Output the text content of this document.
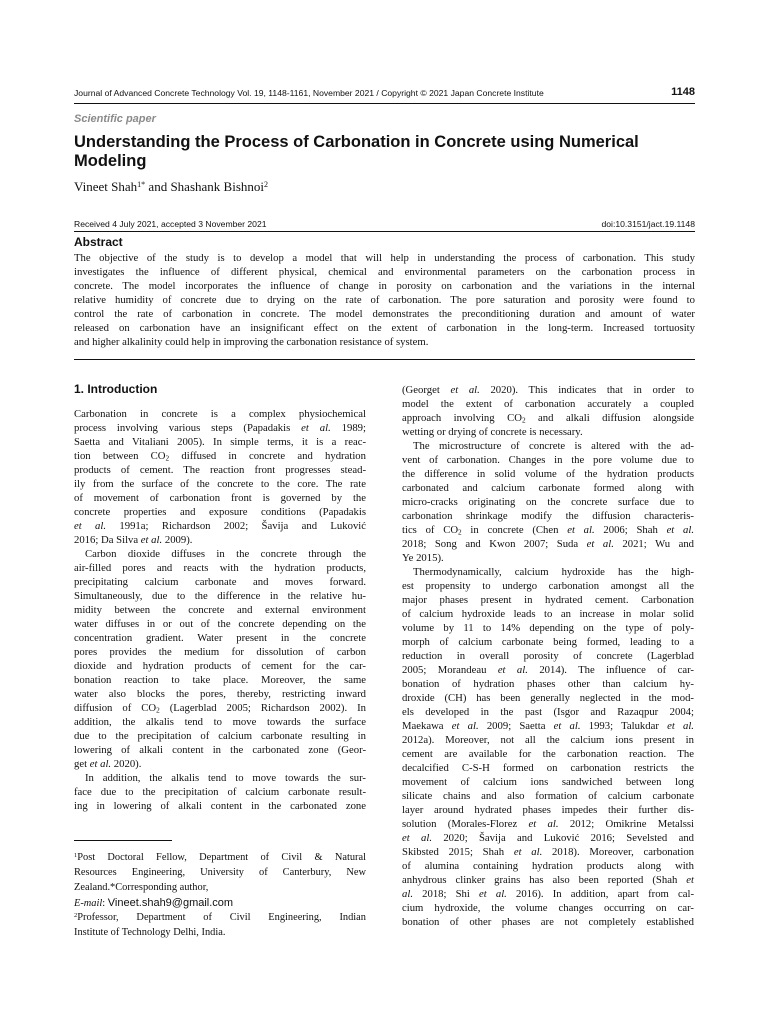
Journal of Advanced Concrete Technology Vol. 19, 1148-1161, November 2021 / Copyright © 2021 Japan Concrete Institute	1148
Scientific paper
Understanding the Process of Carbonation in Concrete using Numerical Modeling
Vineet Shah$^{1*}$ and Shashank Bishnoi$^2$
Received 4 July 2021, accepted 3 November 2021	doi:10.3151/jact.19.1148
Abstract
The objective of the study is to develop a model that will help in understanding the process of carbonation. This study
investigates the influence of different physical, chemical and environmental parameters on the carbonation process in
concrete. The model incorporates the influence of change in porosity on carbonation and the variations in the internal
relative humidity of concrete due to drying on the rate of carbonation. The pore saturation and porosity were found to
control the rate of carbonation in concrete. The model demonstrates the preconditioning duration and amount of water
released on carbonation have an insignificant effect on the extent of carbonation in the long-term. Increased tortuosity
and higher alkalinity could help in improving the carbonation resistance of system.
1. Introduction
Carbonation in concrete is a complex physiochemical
process involving various steps (Papadakis et al. 1989;
Saetta and Vitaliani 2005). In simple terms, it is a reac-
tion between $CO_2$ diffused in concrete and hydration
products of cement. The reaction front progresses stead-
ily from the surface of the concrete to the core. The rate
of movement of carbonation front is governed by the
concrete properties and exposure conditions (Papadakis
et al. 1991a; Richardson 2002; Šavija and Luković
2016; Da Silva et al. 2009).
Carbon dioxide diffuses in the concrete through the
air-filled pores and reacts with the hydration products,
precipitating calcium carbonate and moves forward.
Simultaneously, due to the difference in the relative hu-
midity between the concrete and external environment
water diffuses in or out of the concrete depending on the
concentration gradient. Water present in the concrete
pores provides the medium for dissolution of carbon
dioxide and hydration products of cement for the car-
bonation reaction to take place. Moreover, the same
water also blocks the pores, thereby, restricting inward
diffusion of $CO_2$ (Lagerblad 2005; Richardson 2002). In
addition, the alkalis tend to move towards the surface
due to the precipitation of calcium carbonate resulting in
lowering of alkali content in the carbonated zone (Geor-
get et al. 2020).
In addition, the alkalis tend to move towards the sur-
face due to the precipitation of calcium carbonate result-
ing in lowering of alkali content in the carbonated zone
$^1$Post Doctoral Fellow, Department of Civil & Natural
Resources Engineering, University of Canterbury, New
Zealand.*Corresponding author,
E-mail: Vineet.shah9@gmail.com
$^2$Professor, Department of Civil Engineering, Indian
Institute of Technology Delhi, India.
(Georget et al. 2020). This indicates that in order to
model the extent of carbonation accurately a coupled
approach involving $CO_2$ and alkali diffusion alongside
wetting or drying of concrete is necessary.
The microstructure of concrete is altered with the ad-
vent of carbonation. Changes in the pore volume due to
the difference in solid volume of the hydration products
carbonated and calcium carbonate formed along with
micro-cracks originating on the concrete surface due to
carbonation shrinkage modify the diffusion characteris-
tics of $CO_2$ in concrete (Chen et al. 2006; Shah et al.
2018; Song and Kwon 2007; Suda et al. 2021; Wu and
Ye 2015).
Thermodynamically, calcium hydroxide has the high-
est propensity to undergo carbonation amongst all the
major phases present in hydrated cement. Carbonation
of calcium hydroxide leads to an increase in molar solid
volume by 11 to 14% depending on the type of poly-
morph of calcium carbonate being formed, leading to a
reduction in overall porosity of concrete (Lagerblad
2005; Morandeau et al. 2014). The influence of car-
bonation of hydration phases other than calcium hy-
droxide (CH) has been generally neglected in the mod-
els developed in the past (Isgor and Razaqpur 2004;
Maekawa et al. 2009; Saetta et al. 1993; Talukdar et al.
2012a). Moreover, not all the calcium ions present in
cement are available for the carbonation reaction. The
decalcified C-S-H formed on carbonation restricts the
movement of calcium ions sandwiched between long
silicate chains and also formation of calcium carbonate
layer around hydrated phases impedes their further dis-
solution (Morales-Florez et al. 2012; Omikrine Metalssi
et al. 2020; Šavija and Luković 2016; Sevelsted and
Skibsted 2015; Shah et al. 2018). Moreover, carbonation
of alumina containing hydration products along with
anhydrous clinker grains has also been reported (Shah et
al. 2018; Shi et al. 2016). In addition, apart from cal-
cium hydroxide, the volume changes occurring on car-
bonation of other phases are not completely established
